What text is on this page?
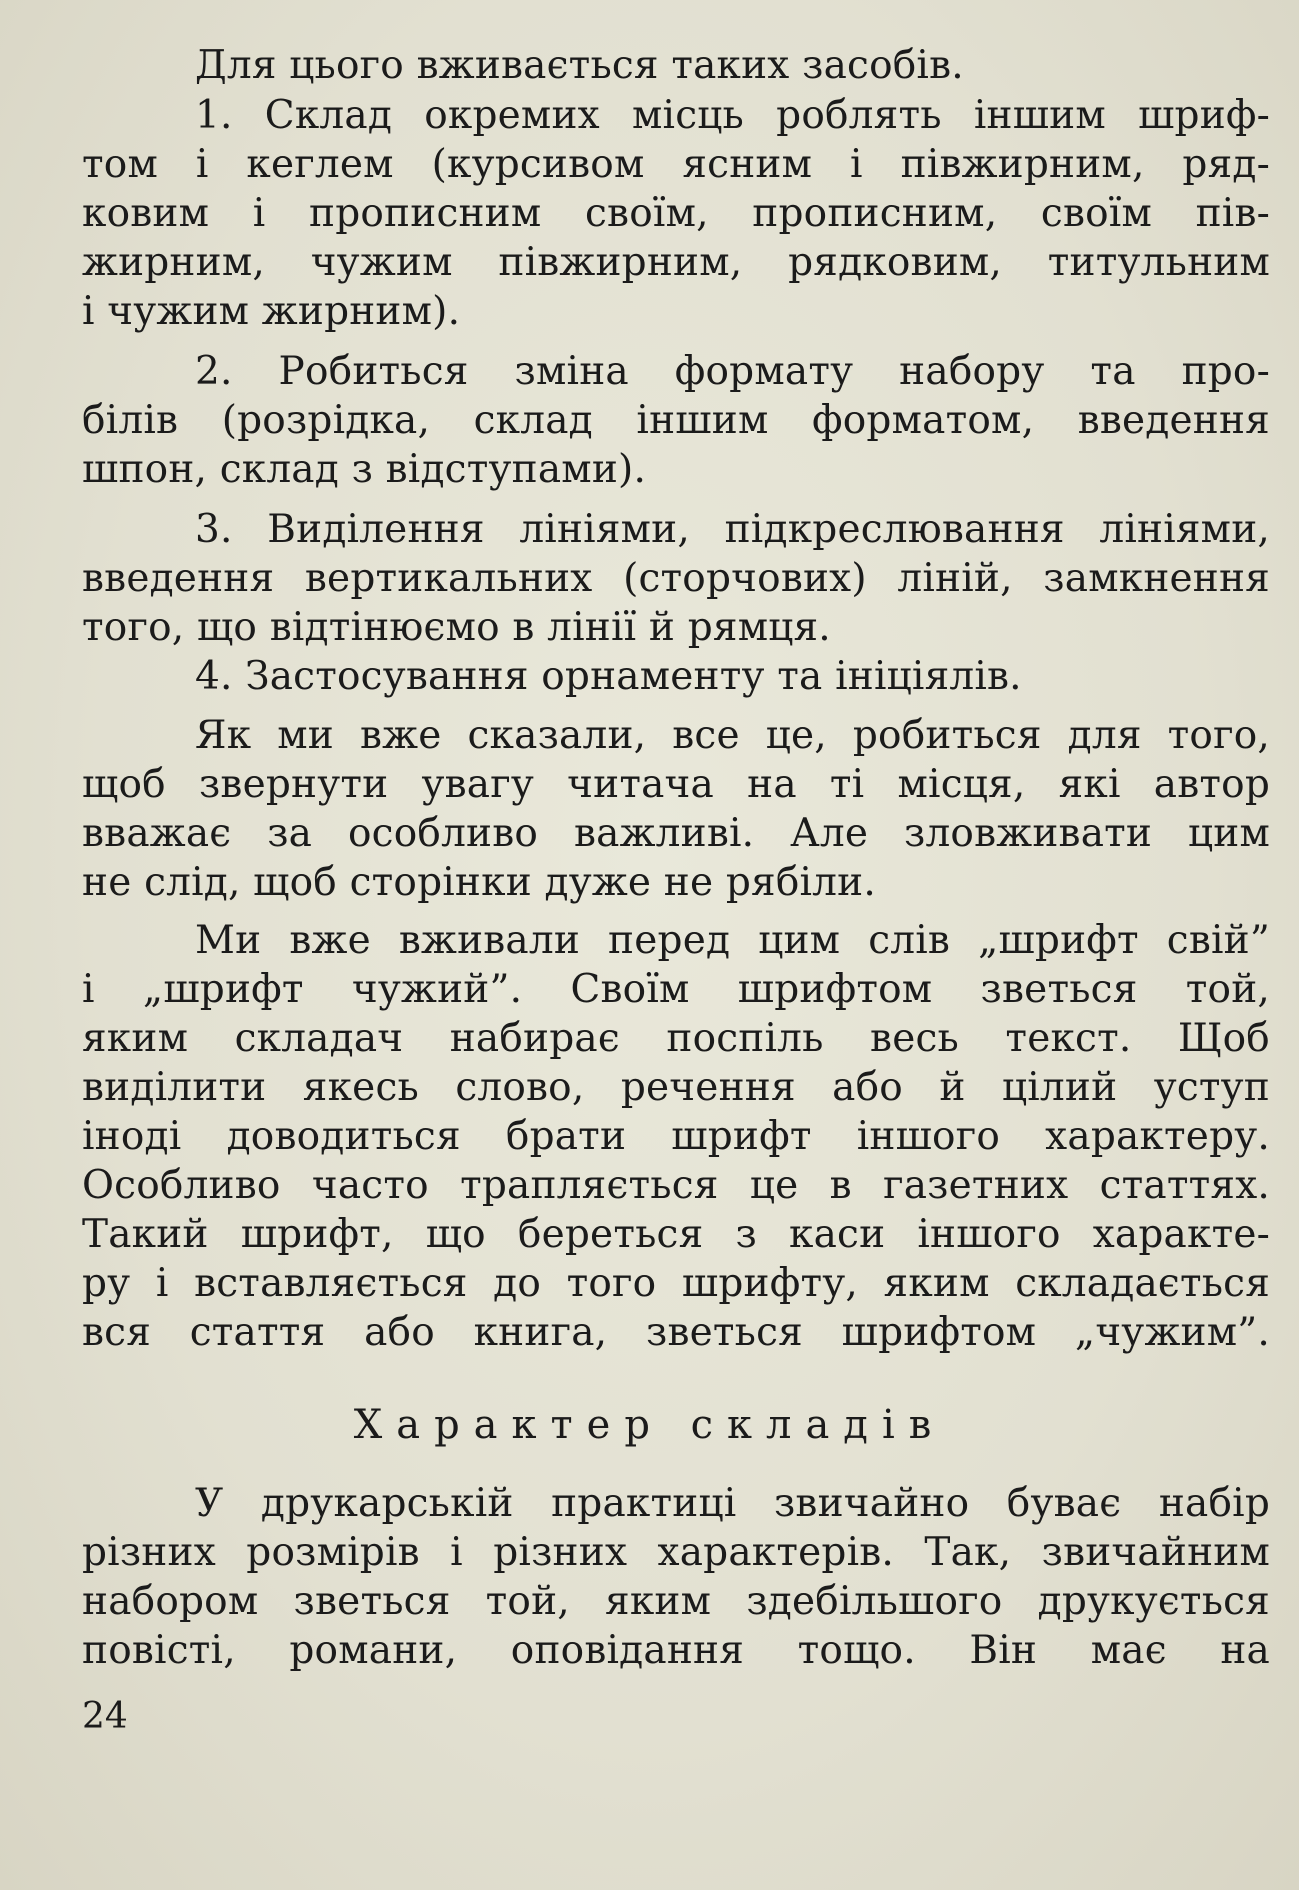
Для цього вживається таких засобів.
1. Склад окремих місць роблять іншим шриф-
том і кеглем (курсивом ясним і півжирним, ряд-
ковим і прописним своїм, прописним, своїм пів-
жирним, чужим півжирним, рядковим, титульним
і чужим жирним).
2. Робиться зміна формату набору та про-
білів (розрідка, склад іншим форматом, введення
шпон, склад з відступами).
3. Виділення лініями, підкреслювання лініями,
введення вертикальних (сторчових) ліній, замкнення
того, що відтінюємо в лінії й рямця.
4. Застосування орнаменту та ініціялів.
Як ми вже сказали, все це, робиться для того,
щоб звернути увагу читача на ті місця, які автор
вважає за особливо важливі. Але зловживати цим
не слід, щоб сторінки дуже не рябіли.
Ми вже вживали перед цим слів „шрифт свій”
і „шрифт чужий”. Своїм шрифтом зветься той,
яким складач набирає поспіль весь текст. Щоб
виділити якесь слово, речення або й цілий уступ
іноді доводиться брати шрифт іншого характеру.
Особливо часто трапляється це в газетних статтях.
Такий шрифт, що береться з каси іншого характе-
ру і вставляється до того шрифту, яким складається
вся стаття або книга, зветься шрифтом „чужим”.
Характер складів
У друкарській практиці звичайно буває набір
різних розмірів і різних характерів. Так, звичайним
набором зветься той, яким здебільшого друкується
повісті, романи, оповідання тощо. Він має на
24
